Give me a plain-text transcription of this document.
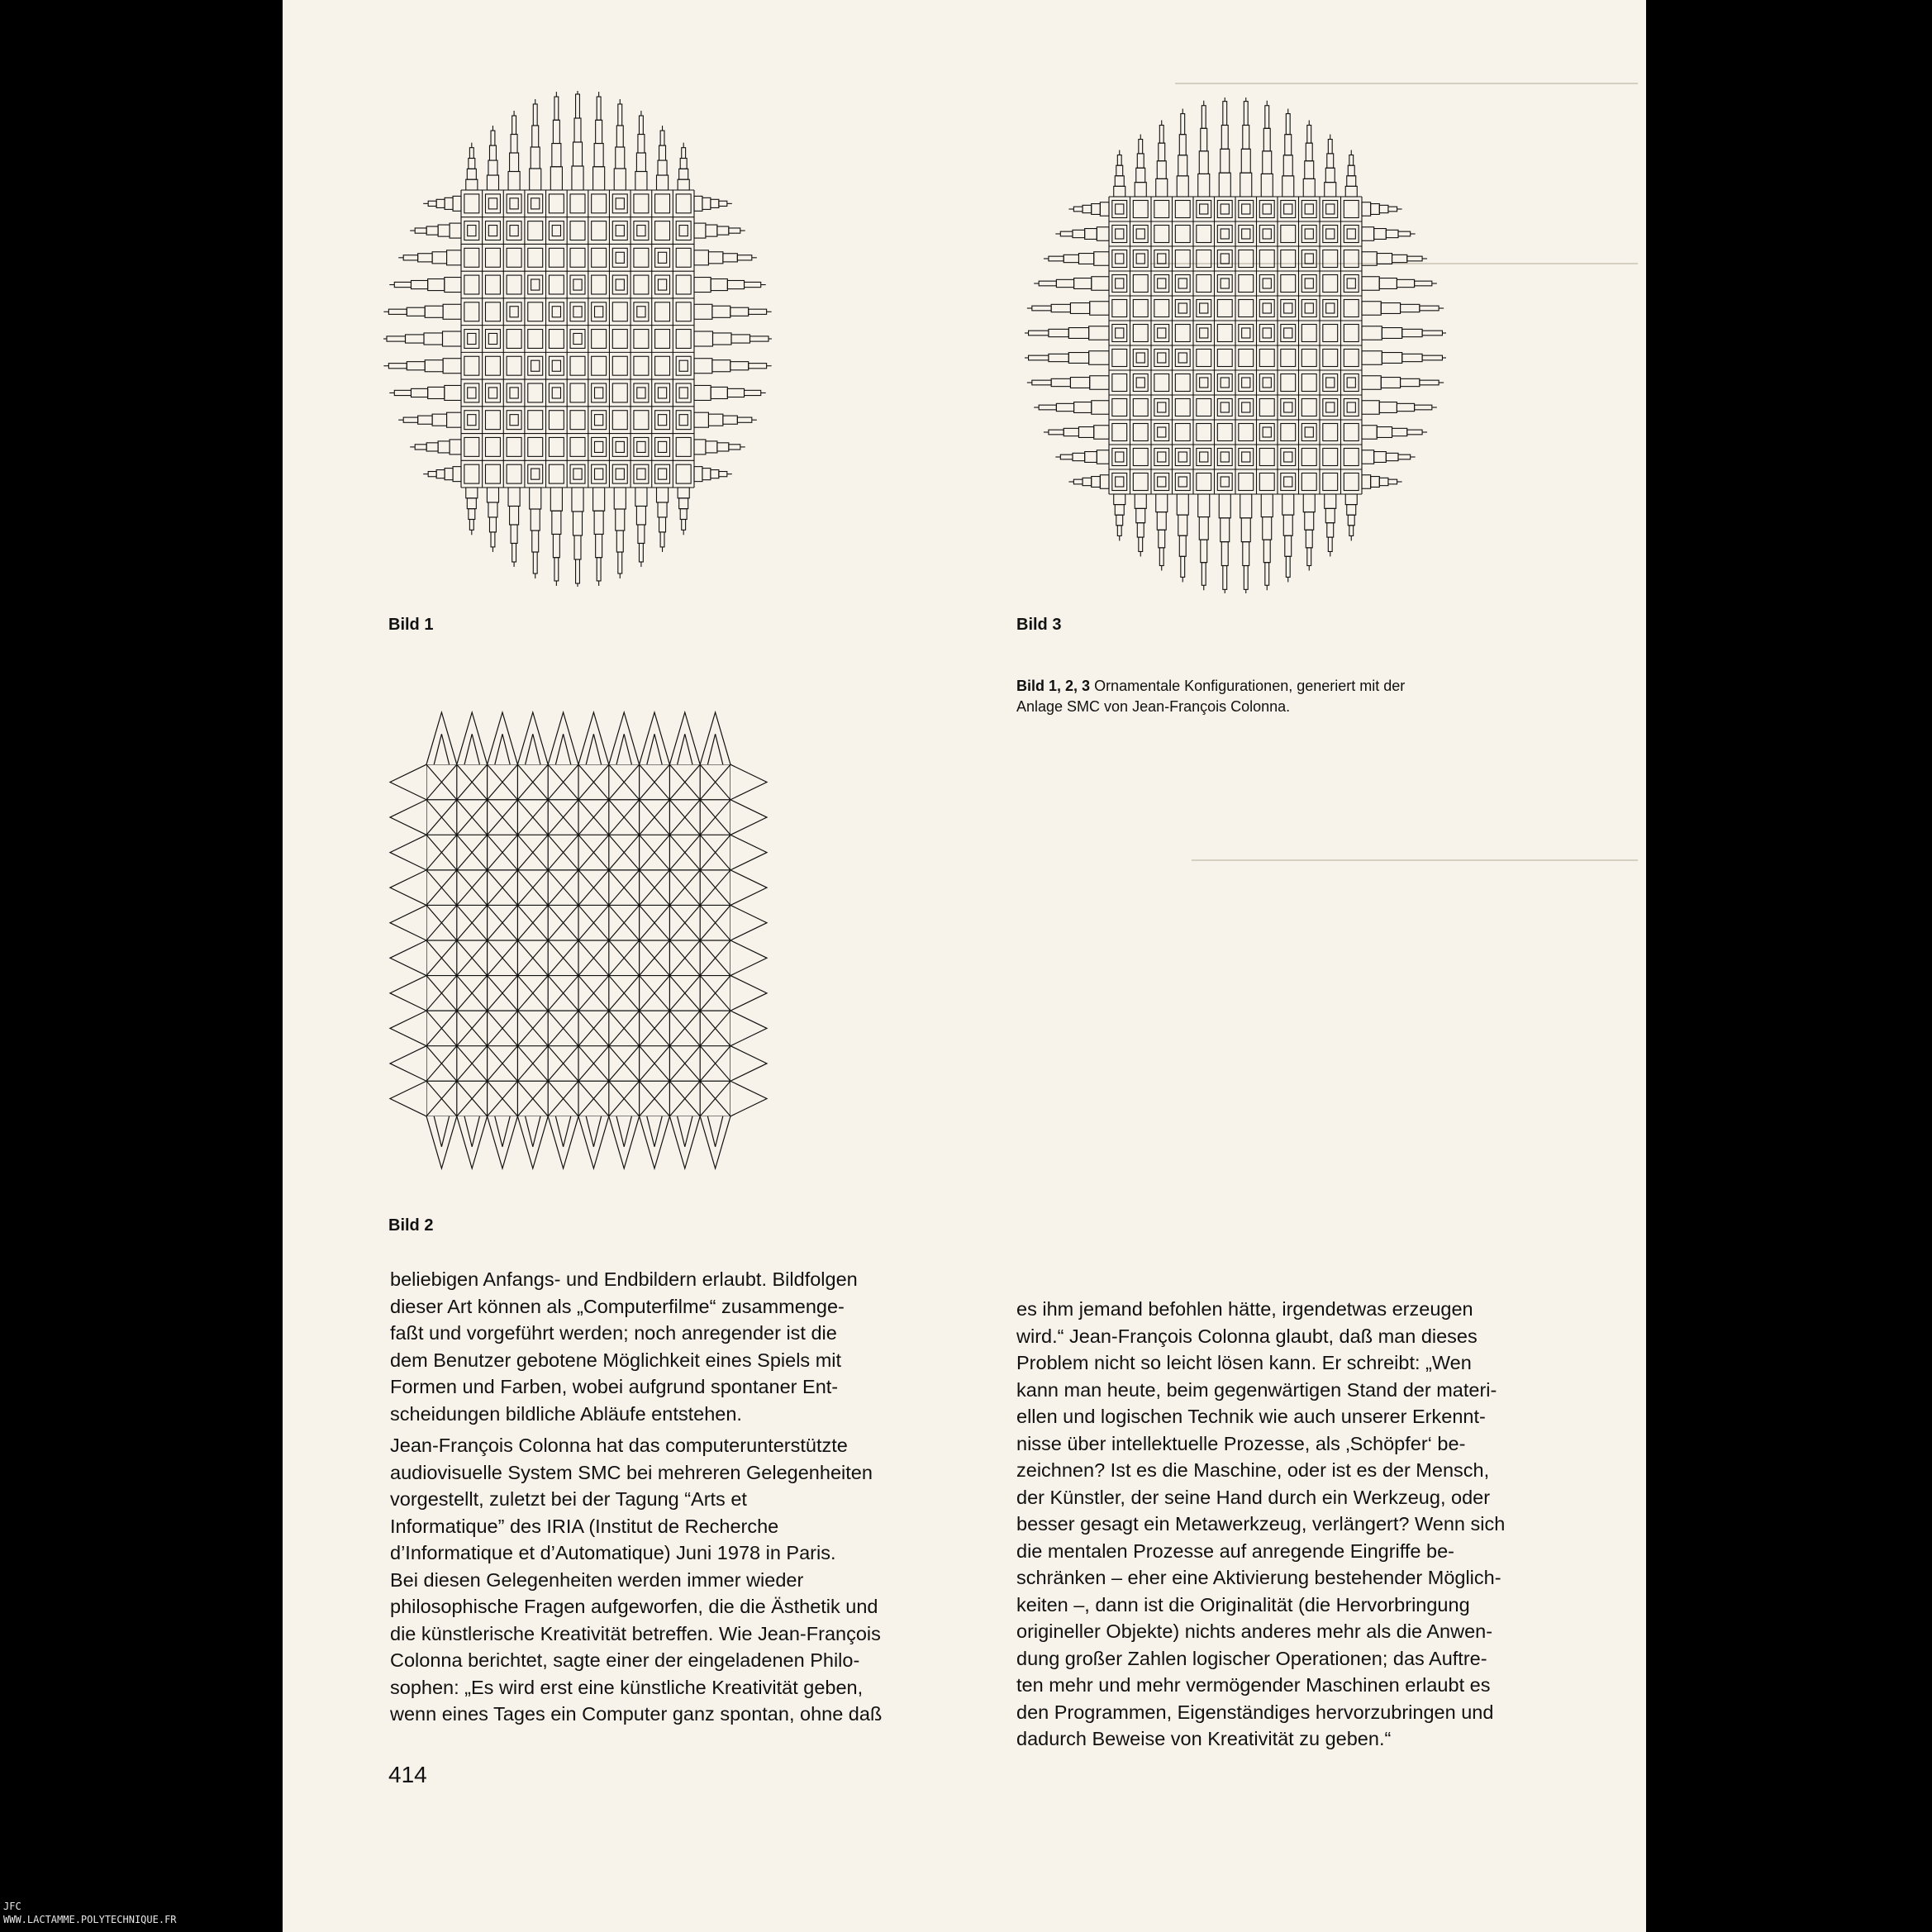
Bild 1
Bild 2
Bild 3
Bild 1, 2, 3 Ornamentale Konfigurationen, generiert mit der
Anlage SMC von Jean-François Colonna.
beliebigen Anfangs- und Endbildern erlaubt. Bildfolgen
dieser Art können als „Computerfilme“ zusammenge-
faßt und vorgeführt werden; noch anregender ist die
dem Benutzer gebotene Möglichkeit eines Spiels mit
Formen und Farben, wobei aufgrund spontaner Ent-
scheidungen bildliche Abläufe entstehen.
Jean-François Colonna hat das computerunterstützte
audiovisuelle System SMC bei mehreren Gelegenheiten
vorgestellt, zuletzt bei der Tagung “Arts et
Informatique” des IRIA (Institut de Recherche
d’Informatique et d’Automatique) Juni 1978 in Paris.
Bei diesen Gelegenheiten werden immer wieder
philosophische Fragen aufgeworfen, die die Ästhetik und
die künstlerische Kreativität betreffen. Wie Jean-François
Colonna berichtet, sagte einer der eingeladenen Philo-
sophen: „Es wird erst eine künstliche Kreativität geben,
wenn eines Tages ein Computer ganz spontan, ohne daß
es ihm jemand befohlen hätte, irgendetwas erzeugen
wird.“ Jean-François Colonna glaubt, daß man dieses
Problem nicht so leicht lösen kann. Er schreibt: „Wen
kann man heute, beim gegenwärtigen Stand der materi-
ellen und logischen Technik wie auch unserer Erkennt-
nisse über intellektuelle Prozesse, als ‚Schöpfer‘ be-
zeichnen? Ist es die Maschine, oder ist es der Mensch,
der Künstler, der seine Hand durch ein Werkzeug, oder
besser gesagt ein Metawerkzeug, verlängert? Wenn sich
die mentalen Prozesse auf anregende Eingriffe be-
schränken – eher eine Aktivierung bestehender Möglich-
keiten –, dann ist die Originalität (die Hervorbringung
origineller Objekte) nichts anderes mehr als die Anwen-
dung großer Zahlen logischer Operationen; das Auftre-
ten mehr und mehr vermögender Maschinen erlaubt es
den Programmen, Eigenständiges hervorzubringen und
dadurch Beweise von Kreativität zu geben.“
414
JFC
WWW.LACTAMME.POLYTECHNIQUE.FR
